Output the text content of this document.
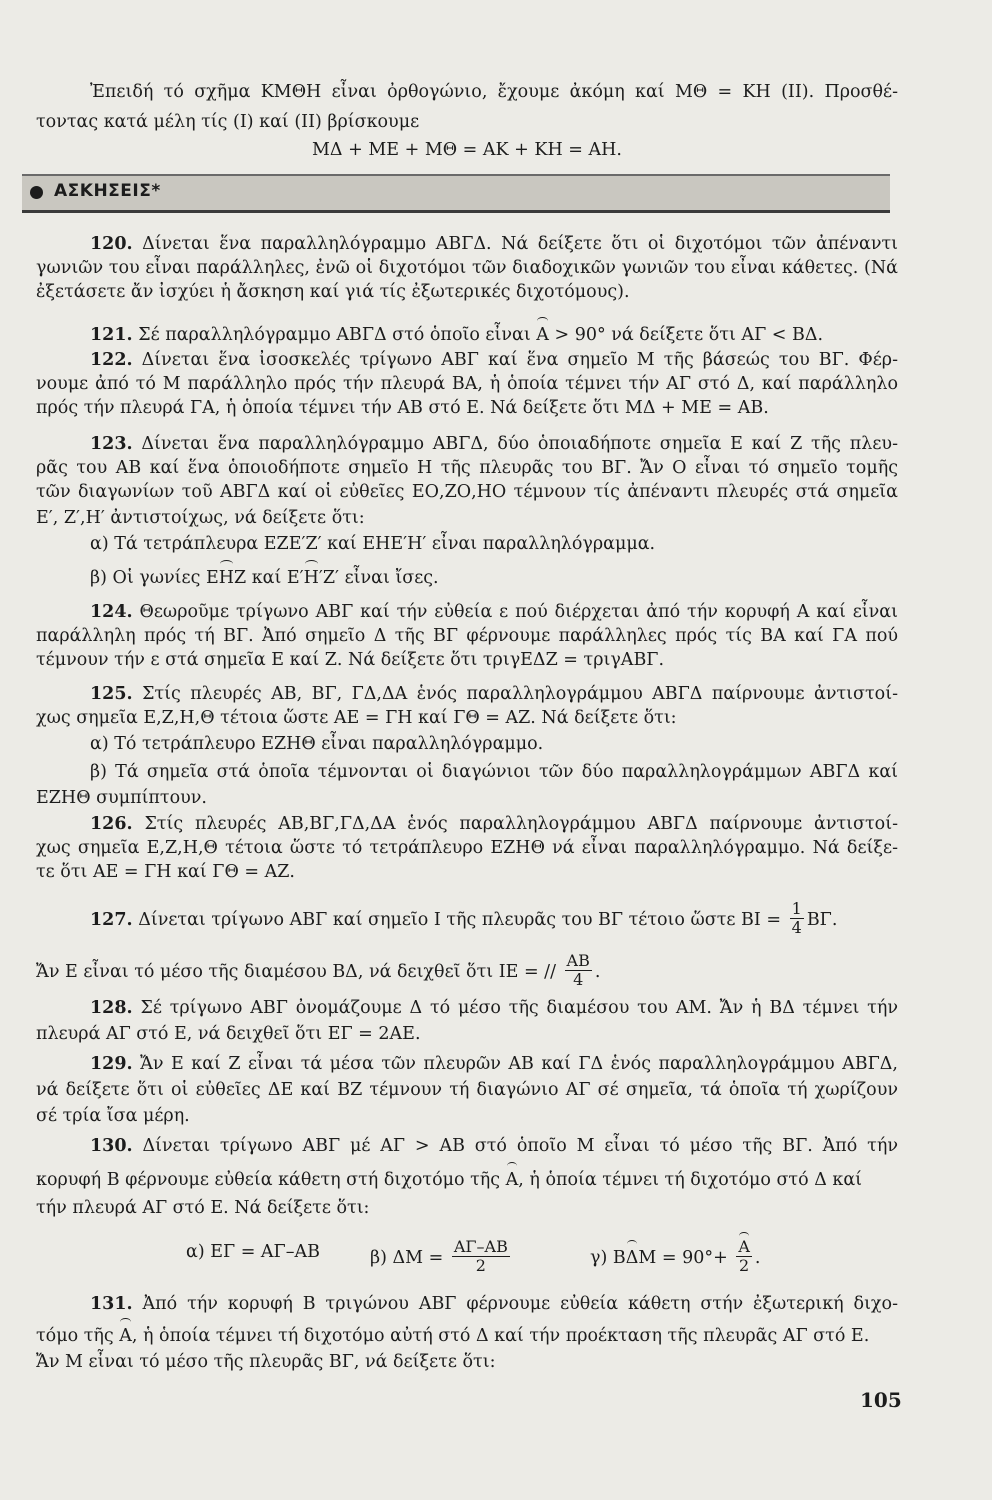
Ἐπειδή τό σχῆμα ΚΜΘΗ εἶναι ὀρθογώνιο, ἔχουμε ἀκόμη καί ΜΘ = ΚΗ (ΙΙ). Προσθέ-
τοντας κατά μέλη τίς (Ι) καί (ΙΙ) βρίσκουμε
ΜΔ + ΜΕ + ΜΘ = ΑΚ + ΚΗ = ΑΗ.
ΑΣΚΗΣΕΙΣ*
120. Δίνεται ἕνα παραλληλόγραμμο ΑΒΓΔ. Νά δείξετε ὅτι οἱ διχοτόμοι τῶν ἀπέναντι
γωνιῶν του εἶναι παράλληλες, ἐνῶ οἱ διχοτόμοι τῶν διαδοχικῶν γωνιῶν του εἶναι κάθετες. (Νά
ἐξετάσετε ἄν ἰσχύει ἡ ἄσκηση καί γιά τίς ἐξωτερικές διχοτόμους).
121. Σέ παραλληλόγραμμο ΑΒΓΔ στό ὁποῖο εἶναι Α > 90° νά δείξετε ὅτι ΑΓ < ΒΔ.
122. Δίνεται ἕνα ἰσοσκελές τρίγωνο ΑΒΓ καί ἕνα σημεῖο Μ τῆς βάσεώς του ΒΓ. Φέρ-
νουμε ἀπό τό Μ παράλληλο πρός τήν πλευρά ΒΑ, ἡ ὁποία τέμνει τήν ΑΓ στό Δ, καί παράλληλο
πρός τήν πλευρά ΓΑ, ἡ ὁποία τέμνει τήν ΑΒ στό Ε. Νά δείξετε ὅτι ΜΔ + ΜΕ = ΑΒ.
123. Δίνεται ἕνα παραλληλόγραμμο ΑΒΓΔ, δύο ὁποιαδήποτε σημεῖα Ε καί Ζ τῆς πλευ-
ρᾶς του ΑΒ καί ἕνα ὁποιοδήποτε σημεῖο Η τῆς πλευρᾶς του ΒΓ. Ἄν Ο εἶναι τό σημεῖο τομῆς
τῶν διαγωνίων τοῦ ΑΒΓΔ καί οἱ εὐθεῖες ΕΟ,ΖΟ,ΗΟ τέμνουν τίς ἀπέναντι πλευρές στά σημεῖα
Ε′, Ζ′,Η′ ἀντιστοίχως, νά δείξετε ὅτι:
α) Τά τετράπλευρα ΕΖΕ′Ζ′ καί ΕΗΕ′Η′ εἶναι παραλληλόγραμμα.
β) Οἱ γωνίες ΕΗΖ καί Ε′Η′Ζ′ εἶναι ἴσες.
124. Θεωροῦμε τρίγωνο ΑΒΓ καί τήν εὐθεία ε πού διέρχεται ἀπό τήν κορυφή Α καί εἶναι
παράλληλη πρός τή ΒΓ. Ἀπό σημεῖο Δ τῆς ΒΓ φέρνουμε παράλληλες πρός τίς ΒΑ καί ΓΑ πού
τέμνουν τήν ε στά σημεῖα Ε καί Ζ. Νά δείξετε ὅτι τριγΕΔΖ = τριγΑΒΓ.
125. Στίς πλευρές ΑΒ, ΒΓ, ΓΔ,ΔΑ ἑνός παραλληλογράμμου ΑΒΓΔ παίρνουμε ἀντιστοί-
χως σημεῖα Ε,Ζ,Η,Θ τέτοια ὥστε ΑΕ = ΓΗ καί ΓΘ = ΑΖ. Νά δείξετε ὅτι:
α) Τό τετράπλευρο ΕΖΗΘ εἶναι παραλληλόγραμμο.
β) Τά σημεῖα στά ὁποῖα τέμνονται οἱ διαγώνιοι τῶν δύο παραλληλογράμμων ΑΒΓΔ καί
ΕΖΗΘ συμπίπτουν.
126. Στίς πλευρές ΑΒ,ΒΓ,ΓΔ,ΔΑ ἑνός παραλληλογράμμου ΑΒΓΔ παίρνουμε ἀντιστοί-
χως σημεῖα Ε,Ζ,Η,Θ τέτοια ὥστε τό τετράπλευρο ΕΖΗΘ νά εἶναι παραλληλόγραμμο. Νά δείξε-
τε ὅτι ΑΕ = ΓΗ καί ΓΘ = ΑΖ.
127. Δίνεται τρίγωνο ΑΒΓ καί σημεῖο Ι τῆς πλευρᾶς του ΒΓ τέτοιο ὥστε $BI = \frac{1}{4} B\Gamma$.
Ἄν Ε εἶναι τό μέσο τῆς διαμέσου ΒΔ, νά δειχθεῖ ὅτι ΙΕ = // $\frac{AB}{4}$ .
128. Σέ τρίγωνο ΑΒΓ ὀνομάζουμε Δ τό μέσο τῆς διαμέσου του ΑΜ. Ἄν ἡ ΒΔ τέμνει τήν
πλευρά ΑΓ στό Ε, νά δειχθεῖ ὅτι ΕΓ = 2ΑΕ.
129. Ἄν Ε καί Ζ εἶναι τά μέσα τῶν πλευρῶν ΑΒ καί ΓΔ ἑνός παραλληλογράμμου ΑΒΓΔ,
νά δείξετε ὅτι οἱ εὐθεῖες ΔΕ καί ΒΖ τέμνουν τή διαγώνιο ΑΓ σέ σημεῖα, τά ὁποῖα τή χωρίζουν
σέ τρία ἴσα μέρη.
130. Δίνεται τρίγωνο ΑΒΓ μέ ΑΓ > ΑΒ στό ὁποῖο Μ εἶναι τό μέσο τῆς ΒΓ. Ἀπό τήν
κορυφή Β φέρνουμε εὐθεία κάθετη στή διχοτόμο τῆς Α, ἡ ὁποία τέμνει τή διχοτόμο στό Δ καί
τήν πλευρά ΑΓ στό Ε. Νά δείξετε ὅτι:
α) ΕΓ = ΑΓ–ΑΒ	β) $\Delta M = \frac{A\Gamma-AB}{2}$	γ) $B\Delta M = 90^\circ+ \frac{A}{2}$ .
131. Ἀπό τήν κορυφή Β τριγώνου ΑΒΓ φέρνουμε εὐθεία κάθετη στήν ἐξωτερική διχο-
τόμο τῆς Α, ἡ ὁποία τέμνει τή διχοτόμο αὐτή στό Δ καί τήν προέκταση τῆς πλευρᾶς ΑΓ στό Ε.
Ἄν Μ εἶναι τό μέσο τῆς πλευρᾶς ΒΓ, νά δείξετε ὅτι:
105
